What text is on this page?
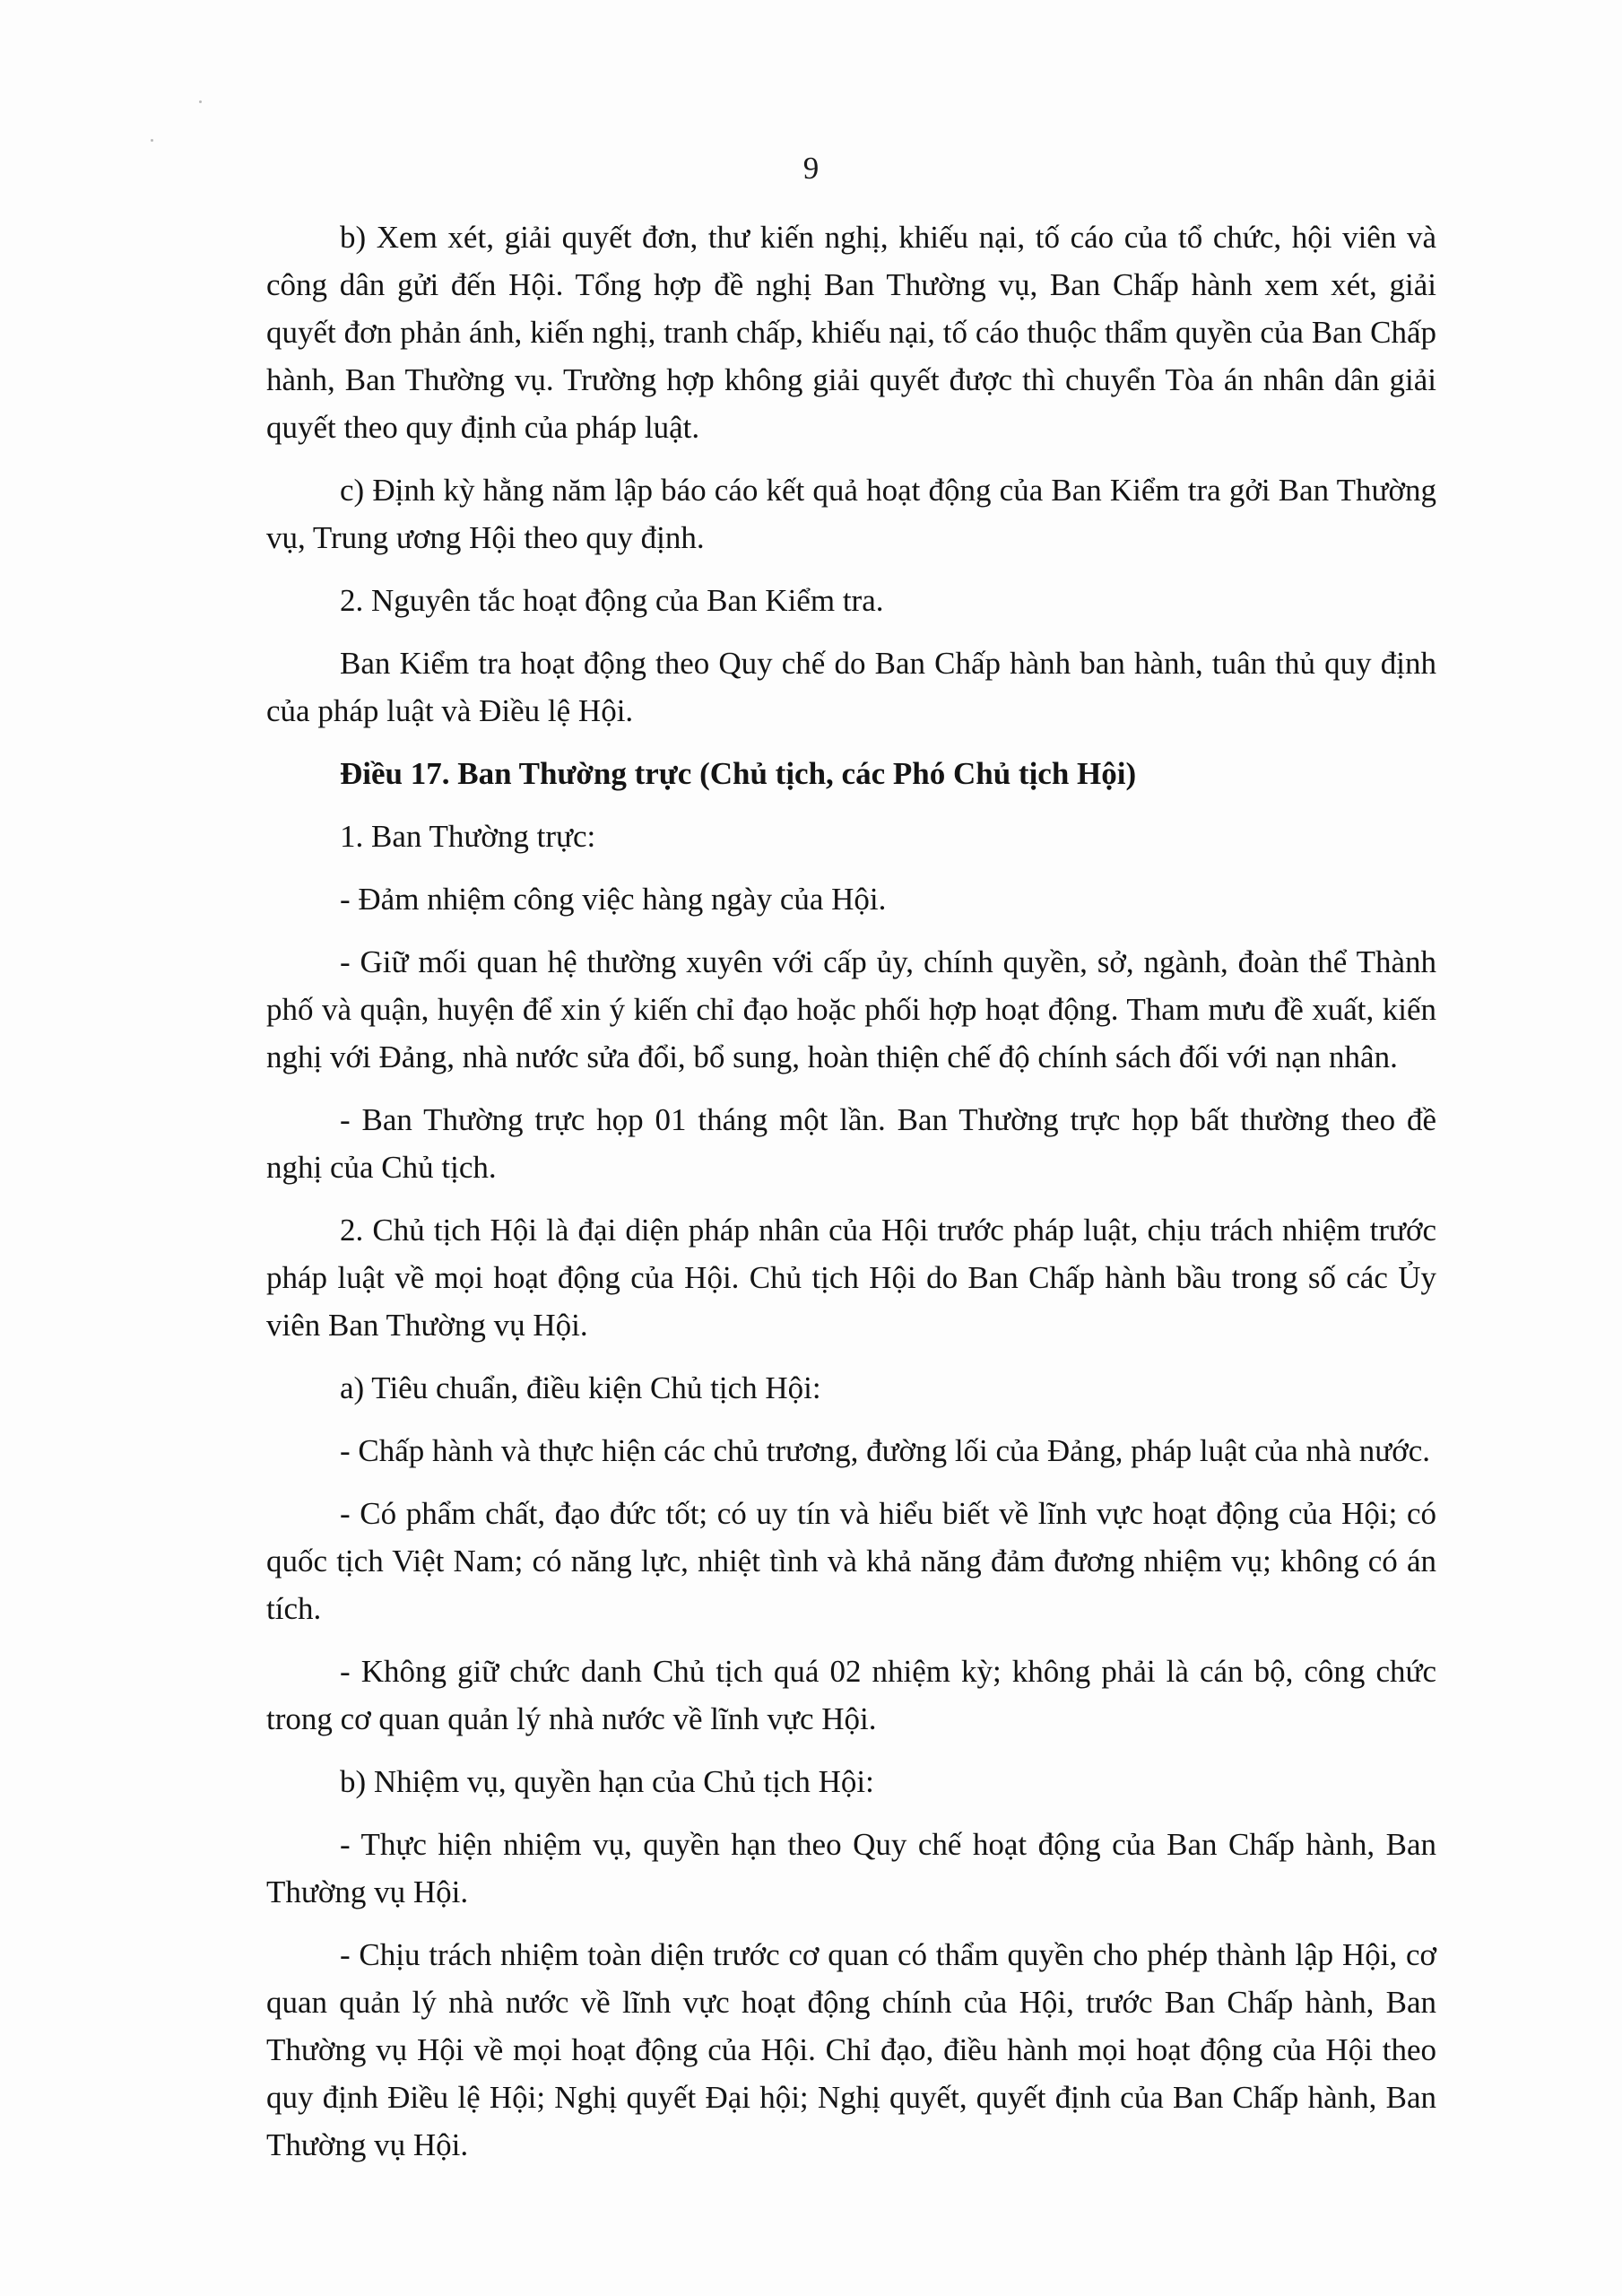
9

b) Xem xét, giải quyết đơn, thư kiến nghị, khiếu nại, tố cáo của tổ chức, hội viên và công dân gửi đến Hội. Tổng hợp đề nghị Ban Thường vụ, Ban Chấp hành xem xét, giải quyết đơn phản ánh, kiến nghị, tranh chấp, khiếu nại, tố cáo thuộc thẩm quyền của Ban Chấp hành, Ban Thường vụ. Trường hợp không giải quyết được thì chuyển Tòa án nhân dân giải quyết theo quy định của pháp luật.

c) Định kỳ hằng năm lập báo cáo kết quả hoạt động của Ban Kiểm tra gởi Ban Thường vụ, Trung ương Hội theo quy định.

2. Nguyên tắc hoạt động của Ban Kiểm tra.

Ban Kiểm tra hoạt động theo Quy chế do Ban Chấp hành ban hành, tuân thủ quy định của pháp luật và Điều lệ Hội.

Điều 17. Ban Thường trực (Chủ tịch, các Phó Chủ tịch Hội)

1. Ban Thường trực:

- Đảm nhiệm công việc hàng ngày của Hội.

- Giữ mối quan hệ thường xuyên với cấp ủy, chính quyền, sở, ngành, đoàn thể Thành phố và quận, huyện để xin ý kiến chỉ đạo hoặc phối hợp hoạt động. Tham mưu đề xuất, kiến nghị với Đảng, nhà nước sửa đổi, bổ sung, hoàn thiện chế độ chính sách đối với nạn nhân.

- Ban Thường trực họp 01 tháng một lần. Ban Thường trực họp bất thường theo đề nghị của Chủ tịch.

2. Chủ tịch Hội là đại diện pháp nhân của Hội trước pháp luật, chịu trách nhiệm trước pháp luật về mọi hoạt động của Hội. Chủ tịch Hội do Ban Chấp hành bầu trong số các Ủy viên Ban Thường vụ Hội.

a) Tiêu chuẩn, điều kiện Chủ tịch Hội:

- Chấp hành và thực hiện các chủ trương, đường lối của Đảng, pháp luật của nhà nước.

- Có phẩm chất, đạo đức tốt; có uy tín và hiểu biết về lĩnh vực hoạt động của Hội; có quốc tịch Việt Nam; có năng lực, nhiệt tình và khả năng đảm đương nhiệm vụ; không có án tích.

- Không giữ chức danh Chủ tịch quá 02 nhiệm kỳ; không phải là cán bộ, công chức trong cơ quan quản lý nhà nước về lĩnh vực Hội.

b) Nhiệm vụ, quyền hạn của Chủ tịch Hội:

- Thực hiện nhiệm vụ, quyền hạn theo Quy chế hoạt động của Ban Chấp hành, Ban Thường vụ Hội.

- Chịu trách nhiệm toàn diện trước cơ quan có thẩm quyền cho phép thành lập Hội, cơ quan quản lý nhà nước về lĩnh vực hoạt động chính của Hội, trước Ban Chấp hành, Ban Thường vụ Hội về mọi hoạt động của Hội. Chỉ đạo, điều hành mọi hoạt động của Hội theo quy định Điều lệ Hội; Nghị quyết Đại hội; Nghị quyết, quyết định của Ban Chấp hành, Ban Thường vụ Hội.
